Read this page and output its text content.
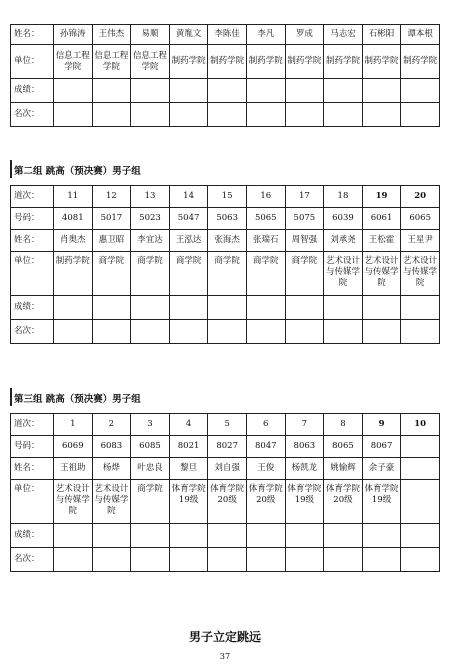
姓名：	孙锦涛	王伟杰	易顺	黄胤文	李陈佳	李凡	罗成	马志宏	石彬阳	谭本根
单位：	信息工程学院	信息工程学院	信息工程学院	制药学院	制药学院	制药学院	制药学院	制药学院	制药学院	制药学院
成绩：										
名次：										
第二组 跳高（预决赛）男子组
道次：	11	12	13	14	15	16	17	18	19	20
号码：	4081	5017	5023	5047	5063	5065	5075	6039	6061	6065
姓名：	肖奥杰	惠卫昭	李宜达	王泓达	张海杰	张瑞石	周智强	刘承尧	王松霍	王星尹
单位：	制药学院	商学院	商学院	商学院	商学院	商学院	商学院	艺术设计与传媒学院	艺术设计与传媒学院	艺术设计与传媒学院
成绩：										
名次：										
第三组 跳高（预决赛）男子组
道次：	1	2	3	4	5	6	7	8	9	10
号码：	6069	6083	6085	8021	8027	8047	8063	8065	8067	
姓名：	王祖助	杨烨	叶忠良	黎旦	刘自强	王俊	杨凯龙	姚愉辉	余子豪	
单位：	艺术设计与传媒学院	艺术设计与传媒学院	商学院	体育学院19级	体育学院20级	体育学院20级	体育学院19级	体育学院20级	体育学院19级	
成绩：										
名次：										
男子立定跳远
37
